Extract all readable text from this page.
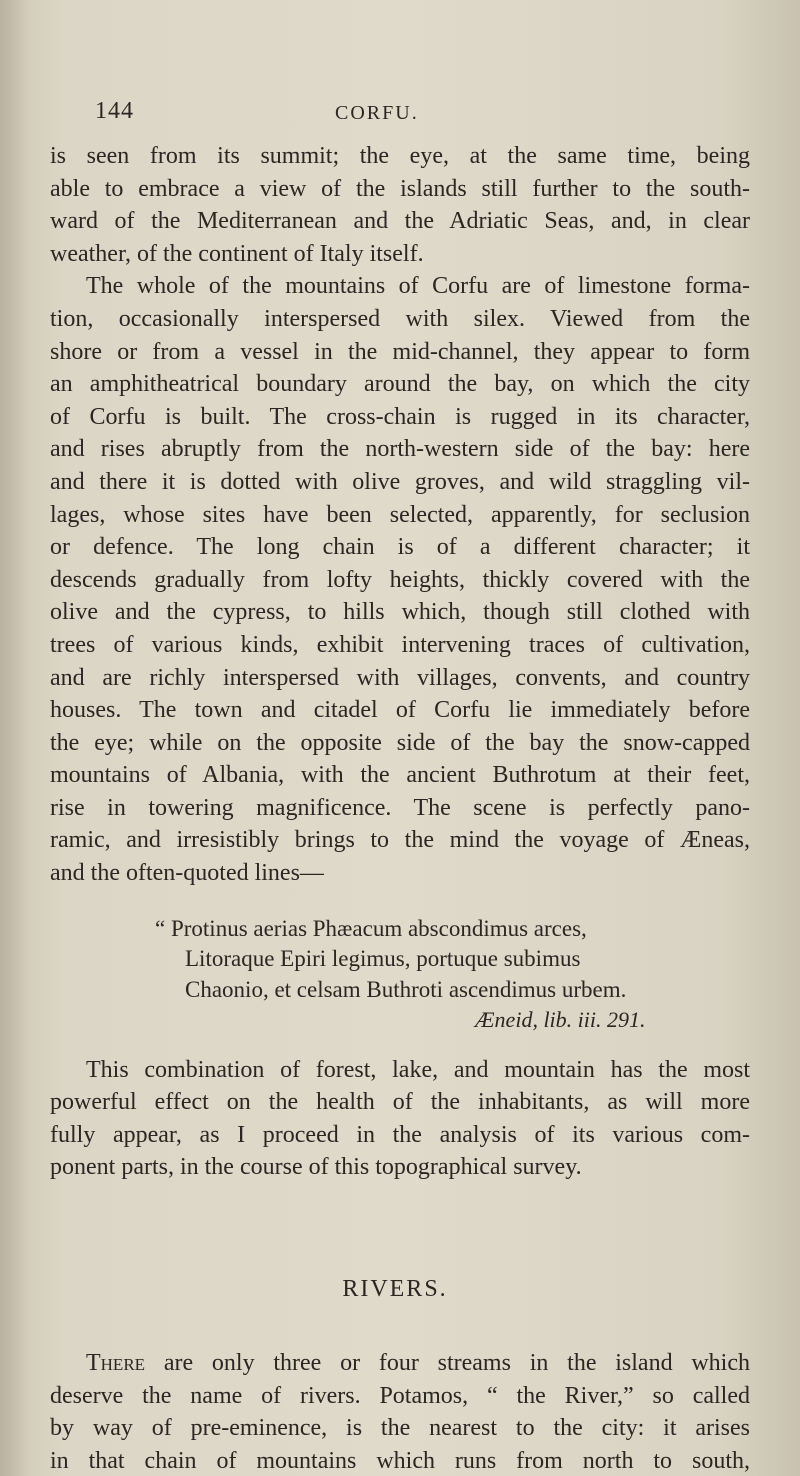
144	CORFU.

is seen from its summit; the eye, at the same time, being

able to embrace a view of the islands still further to the south-

ward of the Mediterranean and the Adriatic Seas, and, in clear

weather, of the continent of Italy itself.

The whole of the mountains of Corfu are of limestone forma-

tion, occasionally interspersed with silex. Viewed from the

shore or from a vessel in the mid-channel, they appear to form

an amphitheatrical boundary around the bay, on which the city

of Corfu is built. The cross-chain is rugged in its character,

and rises abruptly from the north-western side of the bay: here

and there it is dotted with olive groves, and wild straggling vil-

lages, whose sites have been selected, apparently, for seclusion

or defence. The long chain is of a different character; it

descends gradually from lofty heights, thickly covered with the

olive and the cypress, to hills which, though still clothed with

trees of various kinds, exhibit intervening traces of cultivation,

and are richly interspersed with villages, convents, and country

houses. The town and citadel of Corfu lie immediately before

the eye; while on the opposite side of the bay the snow-capped

mountains of Albania, with the ancient Buthrotum at their feet,

rise in towering magnificence. The scene is perfectly pano-

ramic, and irresistibly brings to the mind the voyage of Æneas,

and the often-quoted lines—

“ Protinus aerias Phæacum abscondimus arces,
Litoraque Epiri legimus, portuque subimus
Chaonio, et celsam Buthroti ascendimus urbem.
Æneid, lib. iii. 291.

This combination of forest, lake, and mountain has the most

powerful effect on the health of the inhabitants, as will more

fully appear, as I proceed in the analysis of its various com-

ponent parts, in the course of this topographical survey.

RIVERS.

There are only three or four streams in the island which

deserve the name of rivers. Potamos, “ the River,” so called

by way of pre-eminence, is the nearest to the city: it arises

in that chain of mountains which runs from north to south,
